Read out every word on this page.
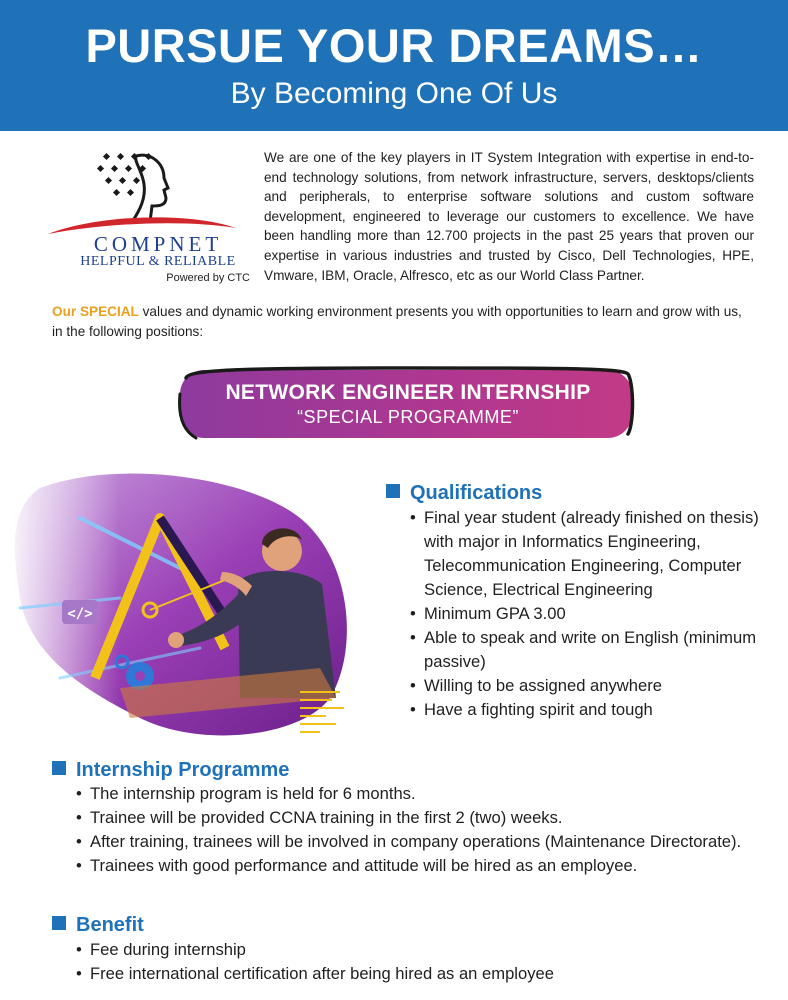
PURSUE YOUR DREAMS…
By Becoming One Of Us
COMPNET
HELPFUL & RELIABLE
Powered by CTC
We are one of the key players in IT System Integration with expertise in end-to-end technology solutions, from network infrastructure, servers, desktops/clients and peripherals, to enterprise software solutions and custom software development, engineered to leverage our customers to excellence. We have been handling more than 12.700 projects in the past 25 years that proven our expertise in various industries and trusted by Cisco, Dell Technologies, HPE, Vmware, IBM, Oracle, Alfresco, etc as our World Class Partner.
Our SPECIAL values and dynamic working environment presents you with opportunities to learn and grow with us, in the following positions:
NETWORK ENGINEER INTERNSHIP
“SPECIAL PROGRAMME”
</>
Qualifications
• Final year student (already finished on thesis) with major in Informatics Engineering, Telecommunication Engineering, Computer Science, Electrical Engineering
• Minimum GPA 3.00
• Able to speak and write on English (minimum passive)
• Willing to be assigned anywhere
• Have a fighting spirit and tough
Internship Programme
• The internship program is held for 6 months.
• Trainee will be provided CCNA training in the first 2 (two) weeks.
• After training, trainees will be involved in company operations (Maintenance Directorate).
• Trainees with good performance and attitude will be hired as an employee.
Benefit
• Fee during internship
• Free international certification after being hired as an employee
